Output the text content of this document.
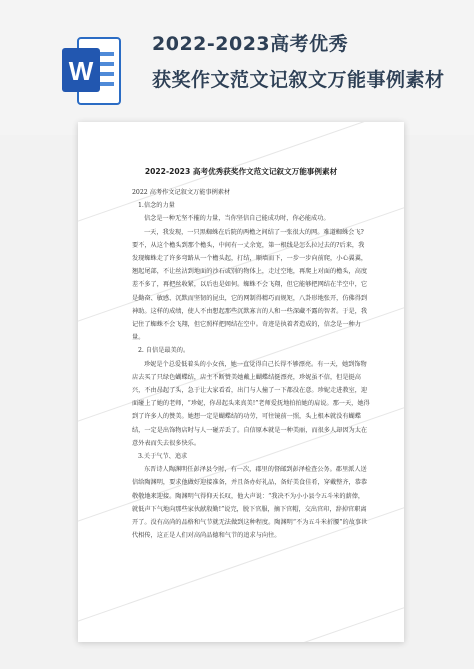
W
2022-2023高考优秀
获奖作文范文记叙文万能事例素材
2022-2023 高考优秀获奖作文范文记叙文万能事例素材

2022 高考作文记叙文万能事例素材

1.信念的力量

信念是一种无坚不摧的力量，当你坚信自己能成功时，你必能成功。

一天，我发现，一只黑蜘蛛在后院的两檐之间结了一张很大的网。难道蜘蛛会飞?要不，从这个檐头到那个檐头，中间有一丈余宽，第一根线是怎么拉过去的?后来，我发现蜘蛛走了许多弯路从一个檐头起，打结，顺墙而下，一步一步向前爬，小心翼翼，翘起尾部，不让丝沾到地面的沙石或别的物体上，走过空地，再爬上对面的檐头，高度差不多了，再把丝收紧，以后也是如何。蜘蛛不会飞翔，但它能够把网结在半空中，它是勤奋、敏感、沉默而坚韧的昆虫，它的网制得精巧而规矩，八卦形地张开，仿佛得到神助。这样的成绩，使人不由想起那些沉默寡言的人和一些深藏不露的智者。于是，我记住了蜘蛛不会飞翔，但它照样把网结在空中。奇迹是执着者造成的，信念是一种力量。

2. 自信是最美的。

珍妮是个总爱低着头的小女孩，她一直觉得自己长得不够漂亮。有一天，她到饰物店去买了只绿色蝴蝶结，店主不断赞美她戴上蝴蝶结挺漂亮，珍妮虽不信，但是挺高兴，不由昂起了头，急于让大家看看，出门与人撞了一下都没在意。珍妮走进教室，迎面碰上了她的老师，“珍妮，你昂起头来真美!”老师爱抚地拍拍她的肩说。那一天，她得到了许多人的赞美。她想一定是蝴蝶结的功劳，可往镜前一照，头上根本就没有蝴蝶结，一定是出饰物店时与人一碰弄丢了。自信原本就是一种美丽，而很多人却因为太在意外表而失去很多快乐。

3.关于气节、追求

东晋诗人陶渊明任彭泽县令时，有一次，郡里的督邮到彭泽检查公务。郡里派人送信给陶渊明，要求他做好迎接准备，并且备办好礼品，备好美食佳肴，穿戴整齐，恭恭敬敬地来迎接。陶渊明气得仰天长叹，他大声说：“我决不为小小县令五斗米的薪俸，就低声下气地向那些家伙献殷勤!”说完，脱下官服，摘下官帽，交出官印，辞掉官职离开了。没有高尚的品格和气节就无法做到这种程度。陶渊明“不为五斗米折腰”的故事世代相传，这正是人们对高尚品德和气节的追求与向往。
